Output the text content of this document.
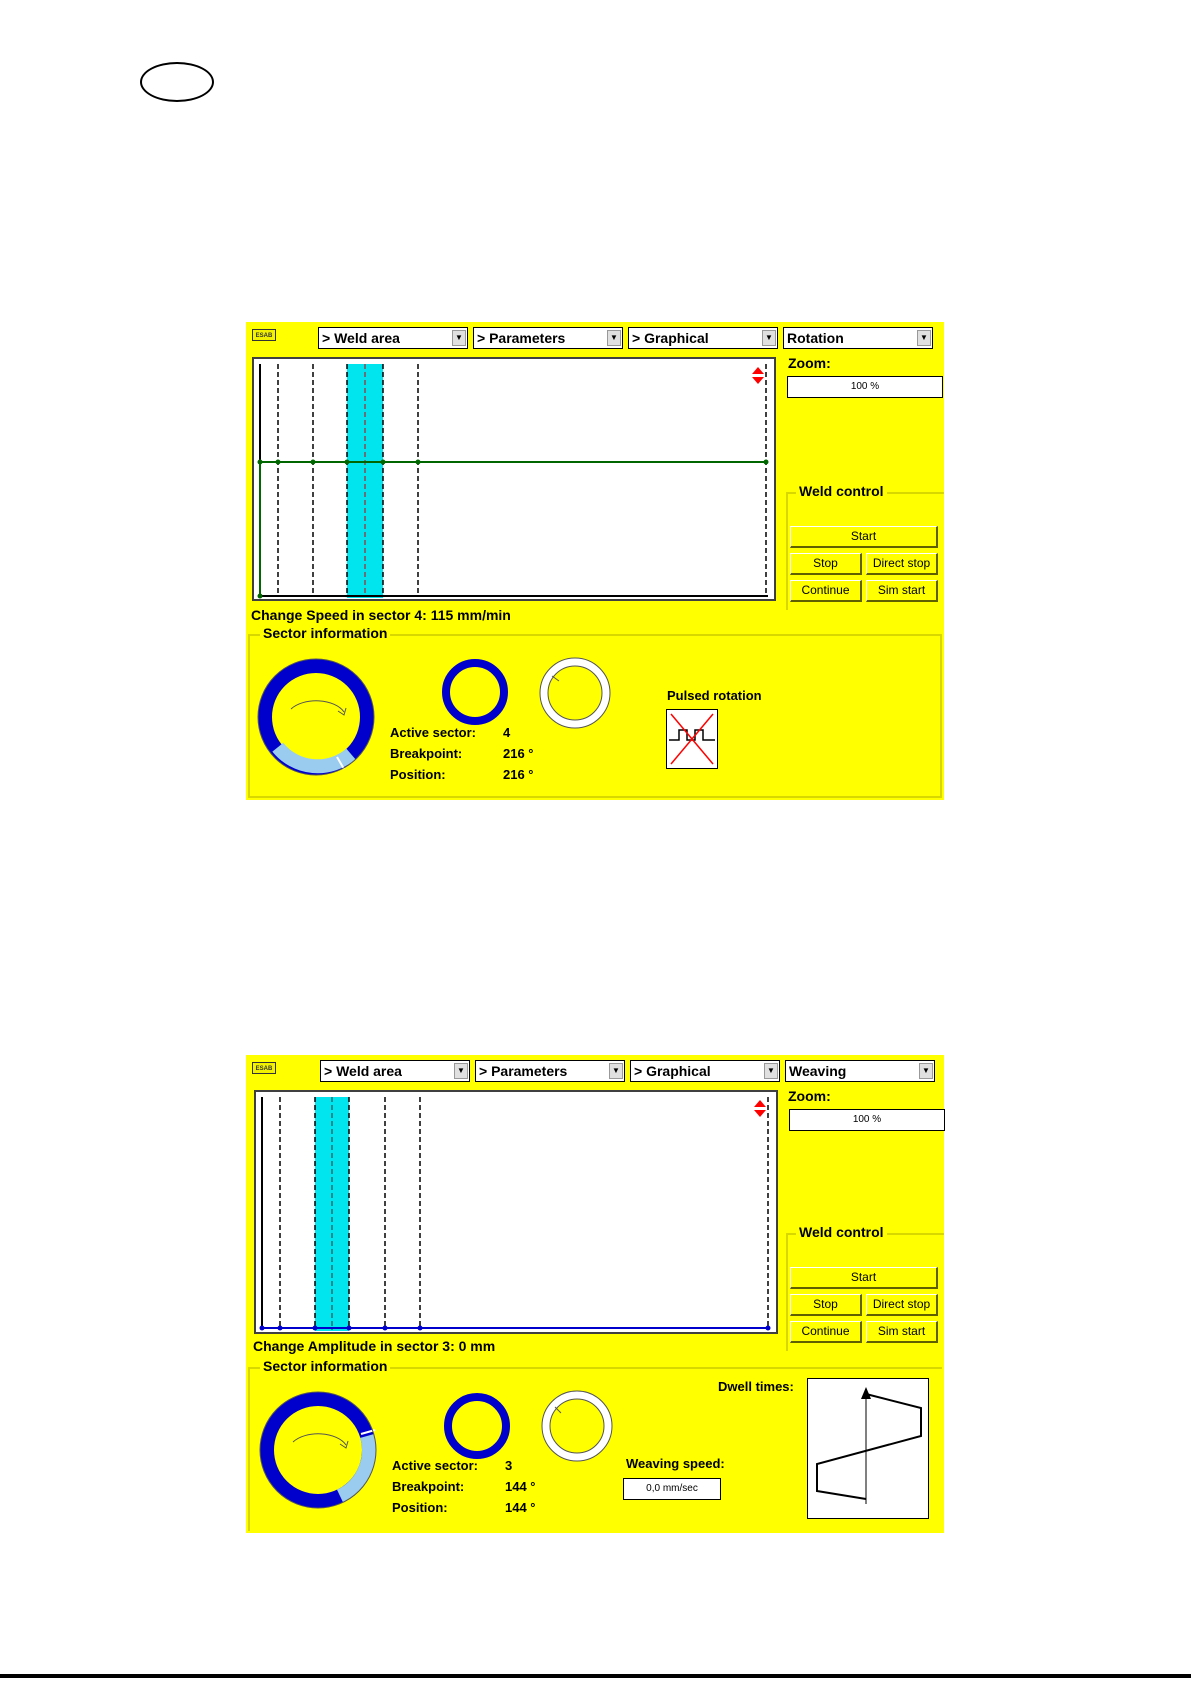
ESAB	> Weld area	▼ > Parameters	▼ > Graphical	▼ Rotation	▼
Zoom:
100 %
Weld control
Start
Stop	Direct stop
Continue	Sim start
Change Speed in sector 4: 115 mm/min
Sector information
Active sector: 4
Breakpoint:	216 °
Position:	216 °
Pulsed rotation
ESAB	> Weld area	▼ > Parameters	▼ > Graphical	▼ Weaving	▼
Zoom:
100 %
Weld control
Start
Stop	Direct stop
Continue	Sim start
Change Amplitude in sector 3: 0 mm
Sector information
Active sector: 3
Breakpoint:	144 °
Position:	144 °
Weaving speed:
0,0 mm/sec
Dwell times:
